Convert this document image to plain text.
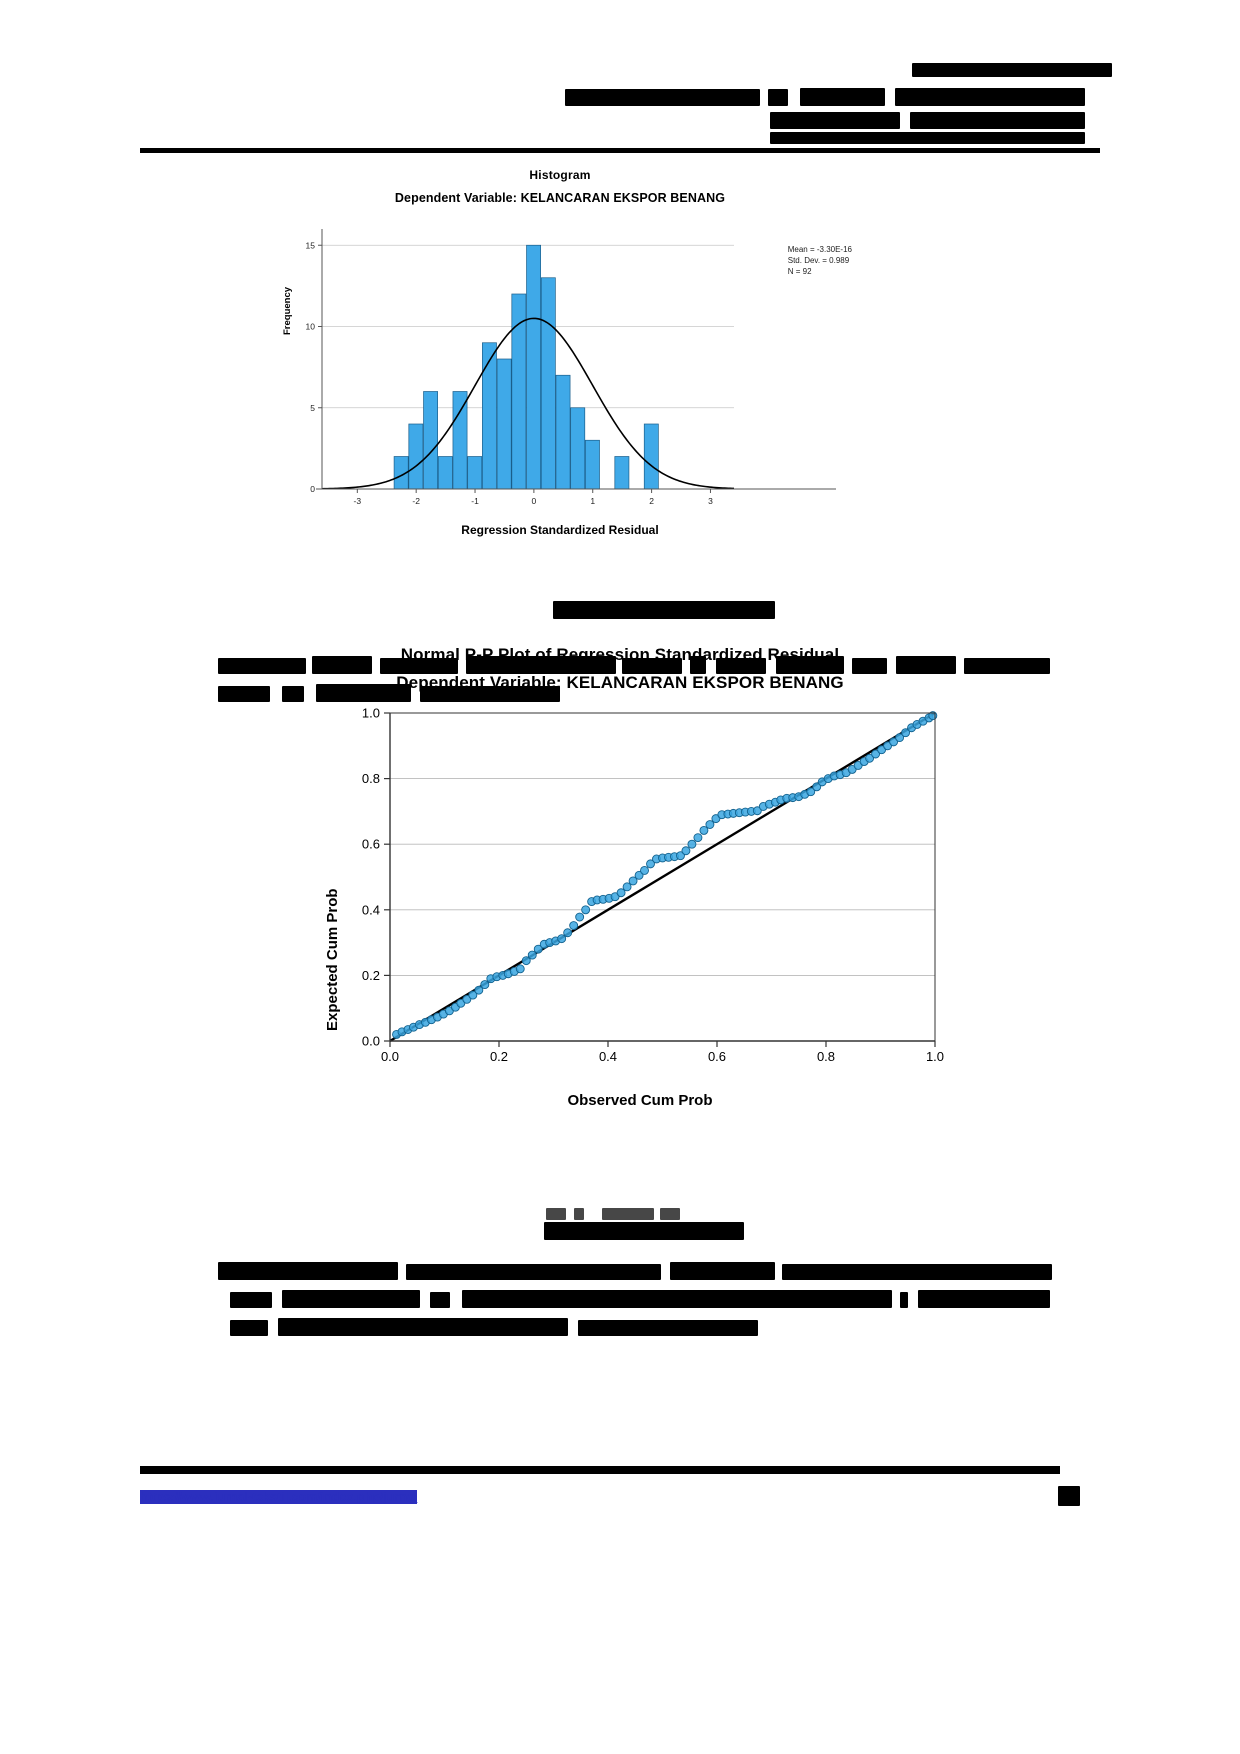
Histogram
Dependent Variable: KELANCARAN EKSPOR BENANG
Frequency
Mean = -3.30E-16
Std. Dev. = 0.989
N = 92
0
5
10
15
-3	-2	-1	0	1	2	3
Regression Standardized Residual
Normal P-P Plot of Regression Standardized Residual
Dependent Variable: KELANCARAN EKSPOR BENANG
Expected Cum Prob
0.0
0.2
0.4
0.6
0.8
1.0
0.0	0.2	0.4	0.6	0.8	1.0
Observed Cum Prob
https://www.jurnal-tekstil.com/index.php/jurnal
